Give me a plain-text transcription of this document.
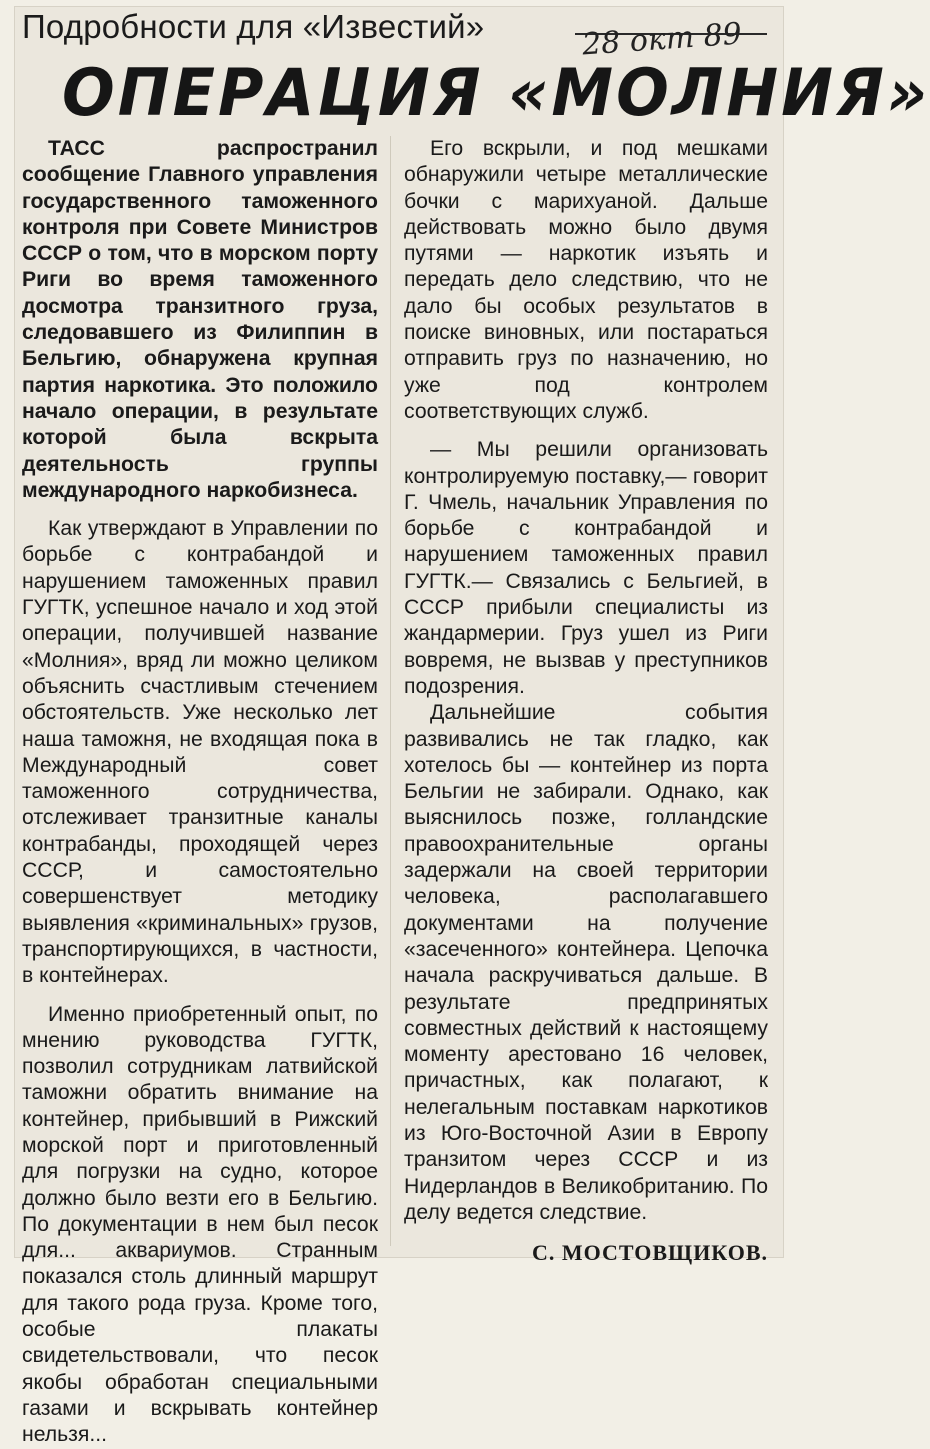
Подробности для «Известий»	28 окт 89
ОПЕРАЦИЯ «МОЛНИЯ»

ТАСС распространил сообщение Главного управления государственного таможенного контроля при Совете Министров СССР о том, что в морском порту Риги во время таможенного досмотра транзитного груза, следовавшего из Филиппин в Бельгию, обнаружена крупная партия наркотика. Это положило начало операции, в результате которой была вскрыта деятельность группы международного наркобизнеса.

Как утверждают в Управлении по борьбе с контрабандой и нарушением таможенных правил ГУГТК, успешное начало и ход этой операции, получившей название «Молния», вряд ли можно целиком объяснить счастливым стечением обстоятельств. Уже несколько лет наша таможня, не входящая пока в Международный совет таможенного сотрудничества, отслеживает транзитные каналы контрабанды, проходящей через СССР, и самостоятельно совершенствует методику выявления «криминальных» грузов, транспортирующихся, в частности, в контейнерах.

Именно приобретенный опыт, по мнению руководства ГУГТК, позволил сотрудникам латвийской таможни обратить внимание на контейнер, прибывший в Рижский морской порт и приготовленный для погрузки на судно, которое должно было везти его в Бельгию. По документации в нем был песок для... аквариумов. Странным показался столь длинный маршрут для такого рода груза. Кроме того, особые плакаты свидетельствовали, что песок якобы обработан специальными газами и вскрывать контейнер нельзя...

Его вскрыли, и под мешками обнаружили четыре металлические бочки с марихуаной. Дальше действовать можно было двумя путями — наркотик изъять и передать дело следствию, что не дало бы особых результатов в поиске виновных, или постараться отправить груз по назначению, но уже под контролем соответствующих служб.

— Мы решили организовать контролируемую поставку,— говорит Г. Чмель, начальник Управления по борьбе с контрабандой и нарушением таможенных правил ГУГТК.— Связались с Бельгией, в СССР прибыли специалисты из жандармерии. Груз ушел из Риги вовремя, не вызвав у преступников подозрения.

Дальнейшие события развивались не так гладко, как хотелось бы — контейнер из порта Бельгии не забирали. Однако, как выяснилось позже, голландские правоохранительные органы задержали на своей территории человека, располагавшего документами на получение «засеченного» контейнера. Цепочка начала раскручиваться дальше. В результате предпринятых совместных действий к настоящему моменту арестовано 16 человек, причастных, как полагают, к нелегальным поставкам наркотиков из Юго-Восточной Азии в Европу транзитом через СССР и из Нидерландов в Великобританию. По делу ведется следствие.

С. МОСТОВЩИКОВ.
